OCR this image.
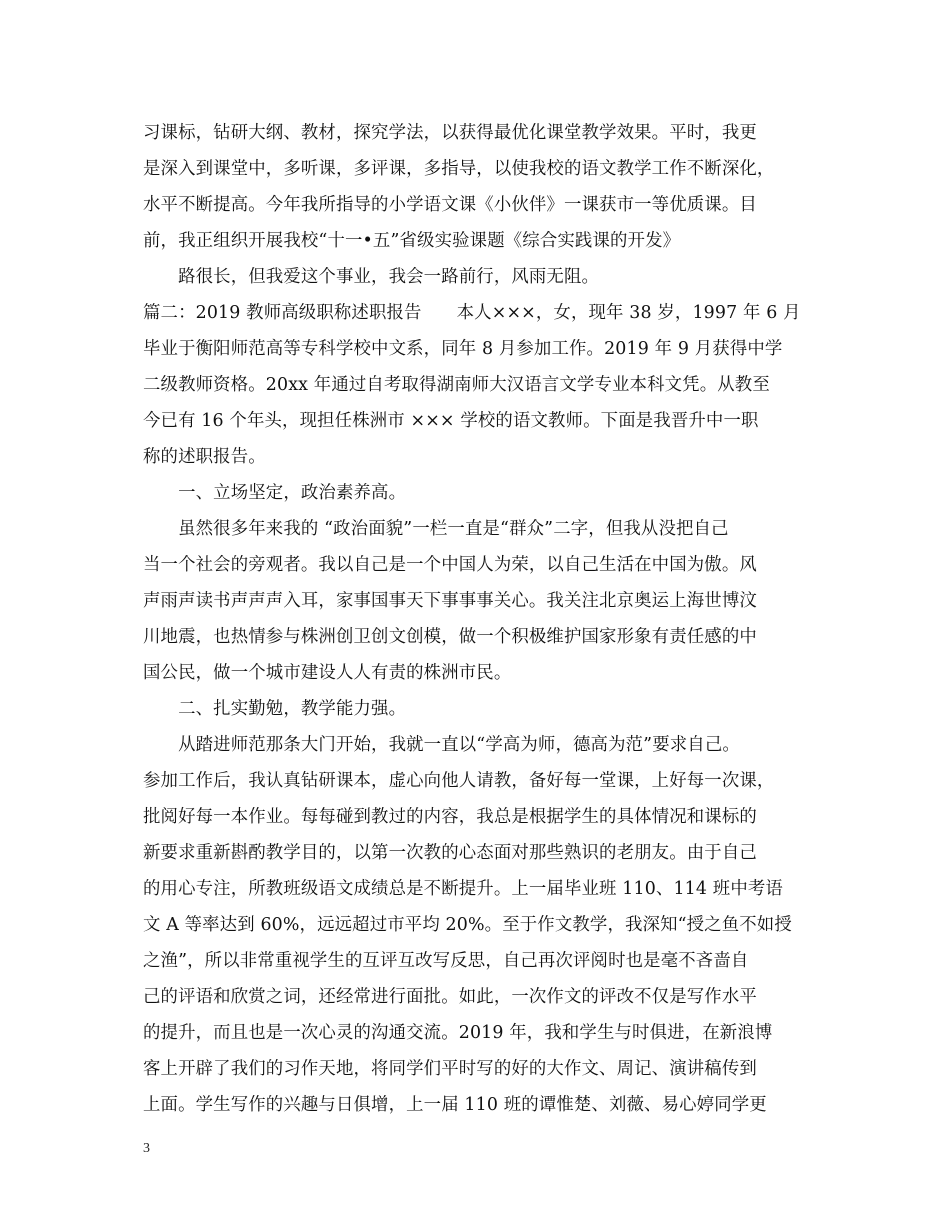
习课标，钻研大纲、教材，探究学法，以获得最优化课堂教学效果。平时，我更
是深入到课堂中，多听课，多评课，多指导，以使我校的语文教学工作不断深化，
水平不断提高。今年我所指导的小学语文课《小伙伴》一课获市一等优质课。目
前，我正组织开展我校“十一•五”省级实验课题《综合实践课的开发》
　　路很长，但我爱这个事业，我会一路前行，风雨无阻。
篇二：2019 教师高级职称述职报告　　本人×××，女，现年 38 岁，1997 年 6 月
毕业于衡阳师范高等专科学校中文系，同年 8 月参加工作。2019 年 9 月获得中学
二级教师资格。20xx 年通过自考取得湖南师大汉语言文学专业本科文凭。从教至
今已有 16 个年头，现担任株洲市 ××× 学校的语文教师。下面是我晋升中一职
称的述职报告。
　　一、立场坚定，政治素养高。
　　虽然很多年来我的 “政治面貌”一栏一直是“群众”二字，但我从没把自己
当一个社会的旁观者。我以自己是一个中国人为荣，以自己生活在中国为傲。风
声雨声读书声声声入耳，家事国事天下事事事关心。我关注北京奥运上海世博汶
川地震，也热情参与株洲创卫创文创模，做一个积极维护国家形象有责任感的中
国公民，做一个城市建设人人有责的株洲市民。
　　二、扎实勤勉，教学能力强。
　　从踏进师范那条大门开始，我就一直以“学高为师，德高为范”要求自己。
参加工作后，我认真钻研课本，虚心向他人请教，备好每一堂课，上好每一次课，
批阅好每一本作业。每每碰到教过的内容，我总是根据学生的具体情况和课标的
新要求重新斟酌教学目的，以第一次教的心态面对那些熟识的老朋友。由于自己
的用心专注，所教班级语文成绩总是不断提升。上一届毕业班 110、114 班中考语
文 A 等率达到 60%，远远超过市平均 20%。至于作文教学，我深知“授之鱼不如授
之渔”，所以非常重视学生的互评互改写反思，自己再次评阅时也是毫不吝啬自
己的评语和欣赏之词，还经常进行面批。如此，一次作文的评改不仅是写作水平
的提升，而且也是一次心灵的沟通交流。2019 年，我和学生与时俱进，在新浪博
客上开辟了我们的习作天地，将同学们平时写的好的大作文、周记、演讲稿传到
上面。学生写作的兴趣与日俱增，上一届 110 班的谭惟楚、刘薇、易心婷同学更
3
